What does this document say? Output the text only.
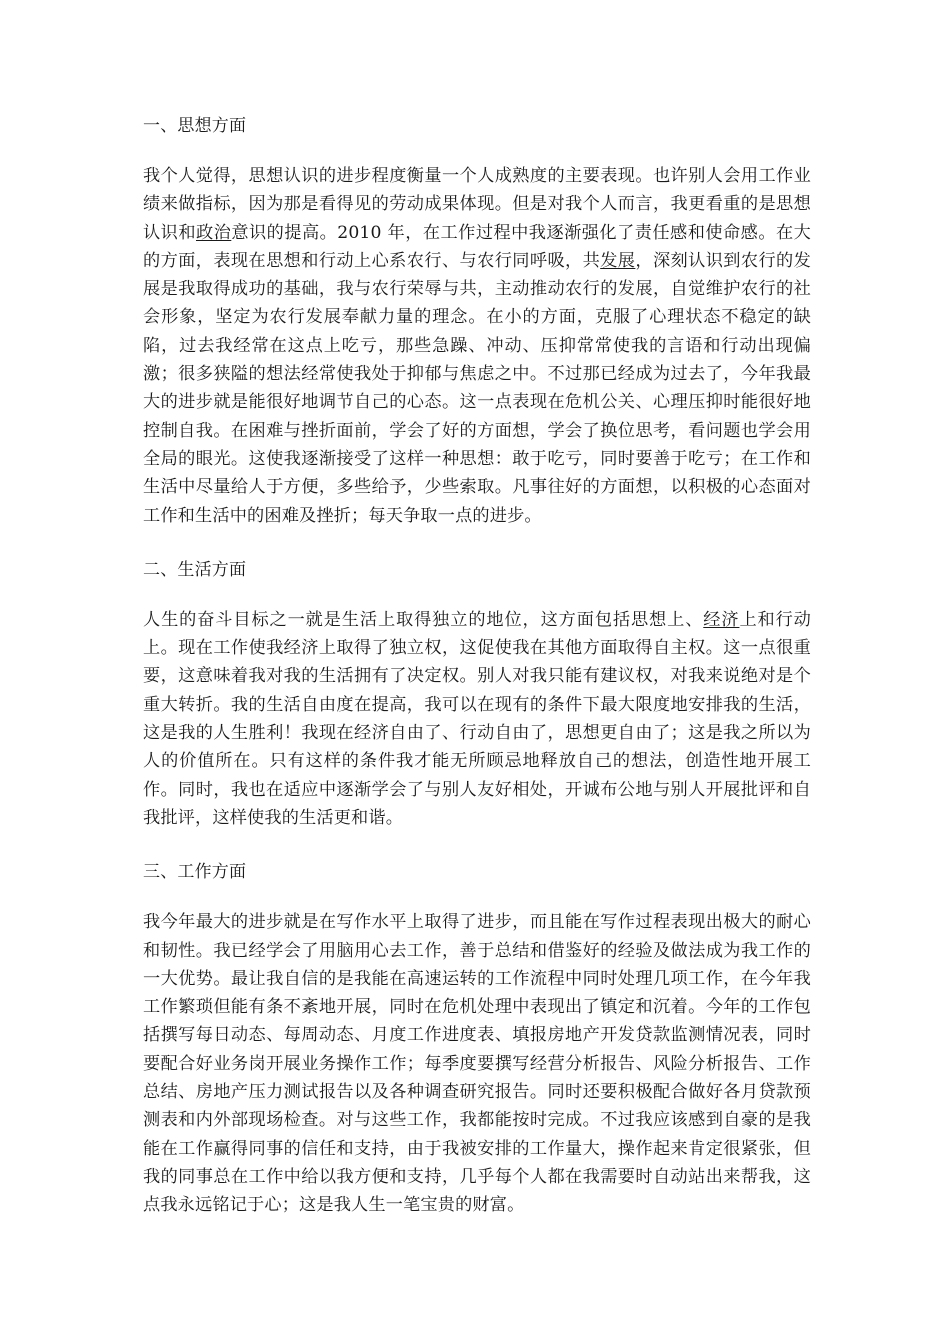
一、思想方面

我个人觉得，思想认识的进步程度衡量一个人成熟度的主要表现。也许别人会用工作业绩来做指标，因为那是看得见的劳动成果体现。但是对我个人而言，我更看重的是思想认识和政治意识的提高。2010 年，在工作过程中我逐渐强化了责任感和使命感。在大的方面，表现在思想和行动上心系农行、与农行同呼吸，共发展，深刻认识到农行的发展是我取得成功的基础，我与农行荣辱与共，主动推动农行的发展，自觉维护农行的社会形象，坚定为农行发展奉献力量的理念。在小的方面，克服了心理状态不稳定的缺陷，过去我经常在这点上吃亏，那些急躁、冲动、压抑常常使我的言语和行动出现偏激；很多狭隘的想法经常使我处于抑郁与焦虑之中。不过那已经成为过去了，今年我最大的进步就是能很好地调节自己的心态。这一点表现在危机公关、心理压抑时能很好地控制自我。在困难与挫折面前，学会了好的方面想，学会了换位思考，看问题也学会用全局的眼光。这使我逐渐接受了这样一种思想：敢于吃亏，同时要善于吃亏；在工作和生活中尽量给人于方便，多些给予，少些索取。凡事往好的方面想，以积极的心态面对工作和生活中的困难及挫折；每天争取一点的进步。

二、生活方面

人生的奋斗目标之一就是生活上取得独立的地位，这方面包括思想上、经济上和行动上。现在工作使我经济上取得了独立权，这促使我在其他方面取得自主权。这一点很重要，这意味着我对我的生活拥有了决定权。别人对我只能有建议权，对我来说绝对是个重大转折。我的生活自由度在提高，我可以在现有的条件下最大限度地安排我的生活，这是我的人生胜利！我现在经济自由了、行动自由了，思想更自由了；这是我之所以为人的价值所在。只有这样的条件我才能无所顾忌地释放自己的想法，创造性地开展工作。同时，我也在适应中逐渐学会了与别人友好相处，开诚布公地与别人开展批评和自我批评，这样使我的生活更和谐。

三、工作方面

我今年最大的进步就是在写作水平上取得了进步，而且能在写作过程表现出极大的耐心和韧性。我已经学会了用脑用心去工作，善于总结和借鉴好的经验及做法成为我工作的一大优势。最让我自信的是我能在高速运转的工作流程中同时处理几项工作，在今年我工作繁琐但能有条不紊地开展，同时在危机处理中表现出了镇定和沉着。今年的工作包括撰写每日动态、每周动态、月度工作进度表、填报房地产开发贷款监测情况表，同时要配合好业务岗开展业务操作工作；每季度要撰写经营分析报告、风险分析报告、工作总结、房地产压力测试报告以及各种调查研究报告。同时还要积极配合做好各月贷款预测表和内外部现场检查。对与这些工作，我都能按时完成。不过我应该感到自豪的是我能在工作赢得同事的信任和支持，由于我被安排的工作量大，操作起来肯定很紧张，但我的同事总在工作中给以我方便和支持，几乎每个人都在我需要时自动站出来帮我，这点我永远铭记于心；这是我人生一笔宝贵的财富。
